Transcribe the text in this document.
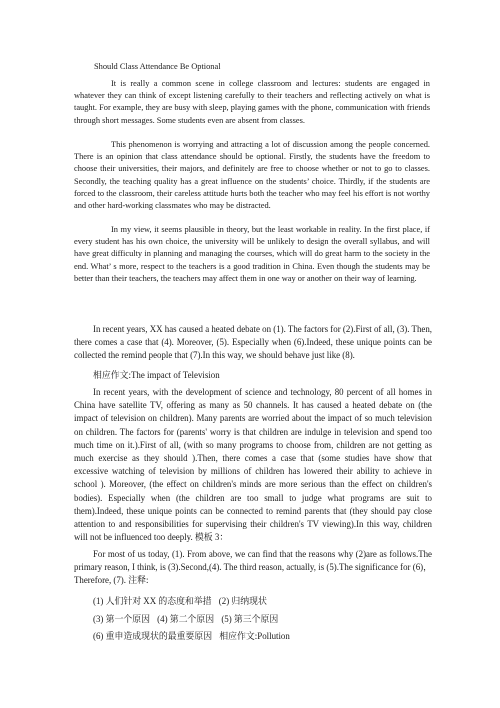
Should Class Attendance Be Optional

It is really a common scene in college classroom and lectures: students are engaged in whatever they can think of except listening carefully to their teachers and reflecting actively on what is taught. For example, they are busy with sleep, playing games with the phone, communication with friends through short messages. Some students even are absent from classes.

This phenomenon is worrying and attracting a lot of discussion among the people concerned. There is an opinion that class attendance should be optional. Firstly, the students have the freedom to choose their universities, their majors, and definitely are free to choose whether or not to go to classes. Secondly, the teaching quality has a great influence on the students’ choice. Thirdly, if the students are forced to the classroom, their careless attitude hurts both the teacher who may feel his effort is not worthy and other hard-working classmates who may be distracted.

In my view, it seems plausible in theory, but the least workable in reality. In the first place, if every student has his own choice, the university will be unlikely to design the overall syllabus, and will have great difficulty in planning and managing the courses, which will do great harm to the society in the end. What’ s more, respect to the teachers is a good tradition in China. Even though the students may be better than their teachers, the teachers may affect them in one way or another on their way of learning.

In recent years, XX has caused a heated debate on (1). The factors for (2).First of all, (3). Then, there comes a case that (4). Moreover, (5). Especially when (6).Indeed, these unique points can be collected the remind people that (7).In this way, we should behave just like (8).

相应作文:The impact of Television

In recent years, with the development of science and technology, 80 percent of all homes in China have satellite TV, offering as many as 50 channels. It has caused a heated debate on (the impact of television on children). Many parents are worried about the impact of so much television on children. The factors for (parents' worry is that children are indulge in television and spend too much time on it.).First of all, (with so many programs to choose from, children are not getting as much exercise as they should ).Then, there comes a case that (some studies have show that excessive watching of television by millions of children has lowered their ability to achieve in school ). Moreover, (the effect on children's minds are more serious than the effect on children's bodies). Especially when (the children are too small to judge what programs are suit to them).Indeed, these unique points can be connected to remind parents that (they should pay close attention to and responsibilities for supervising their children's TV viewing).In this way, children will not be influenced too deeply. 模板 3：

For most of us today, (1). From above, we can find that the reasons why (2)are as follows.The primary reason, I think, is (3).Second,(4). The third reason, actually, is (5).The significance for (6)，Therefore, (7). 注释:

(1) 人们针对 XX 的态度和举措 (2) 归纳现状
(3) 第一个原因 (4) 第二个原因 (5) 第三个原因
(6) 重申造成现状的最重要原因 相应作文:Pollution
